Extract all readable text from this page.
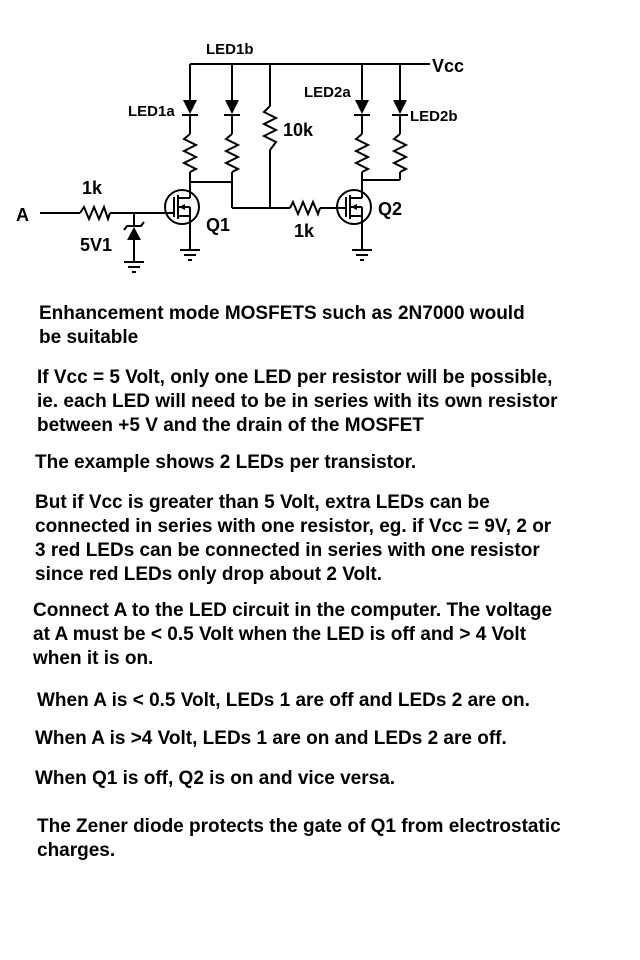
LED1b
Vcc
LED1a
LED2a
LED2b
10k
1k
A
5V1
Q1	1k
Q2

Enhancement mode MOSFETS such as 2N7000 would
be suitable

If Vcc = 5 Volt, only one LED per resistor will be possible,
ie. each LED will need to be in series with its own resistor
between +5 V and the drain of the MOSFET

The example shows 2 LEDs per transistor.

But if Vcc is greater than 5 Volt, extra LEDs can be
connected in series with one resistor, eg. if Vcc = 9V, 2 or
3 red LEDs can be connected in series with one resistor
since red LEDs only drop about 2 Volt.

Connect A to the LED circuit in the computer. The voltage
at A must be < 0.5 Volt when the LED is off and > 4 Volt
when it is on.

When A is < 0.5 Volt, LEDs 1 are off and LEDs 2 are on.

When A is >4 Volt, LEDs 1 are on and LEDs 2 are off.

When Q1 is off, Q2 is on and vice versa.

The Zener diode protects the gate of Q1 from electrostatic
charges.
